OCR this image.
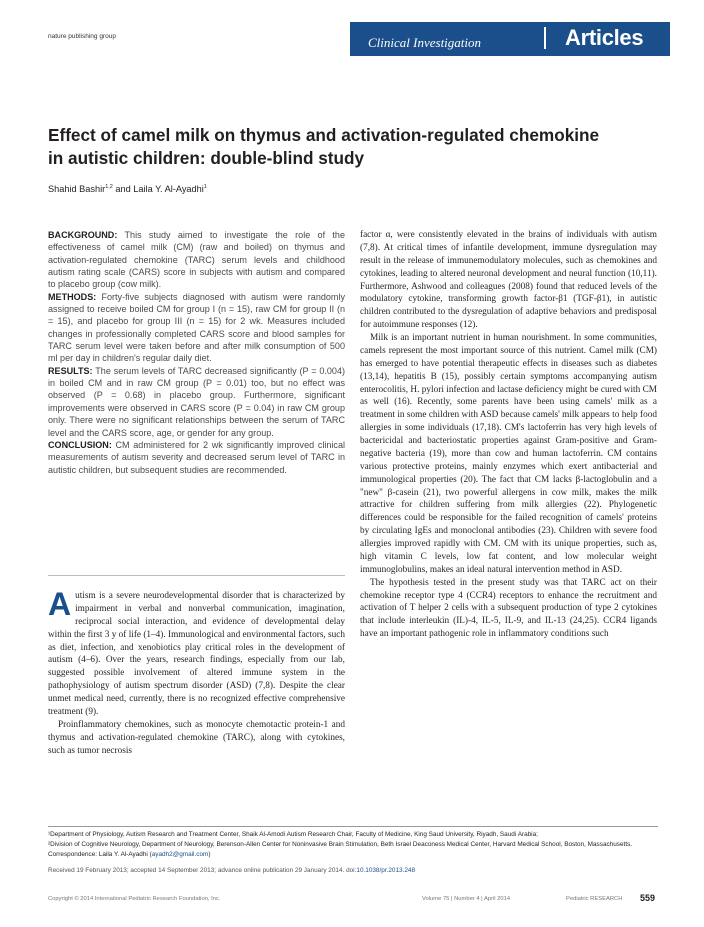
nature publishing group	Clinical Investigation	Articles
Effect of camel milk on thymus and activation-regulated chemokine in autistic children: double-blind study
Shahid Bashir$^{1,2}$ and Laila Y. Al-Ayadhi$^1$

BACKGROUND: This study aimed to investigate the role of the effectiveness of camel milk (CM) (raw and boiled) on thymus and activation-regulated chemokine (TARC) serum levels and childhood autism rating scale (CARS) score in subjects with autism and compared to placebo group (cow milk).

METHODS: Forty-five subjects diagnosed with autism were randomly assigned to receive boiled CM for group I (n = 15), raw CM for group II (n = 15), and placebo for group III (n = 15) for 2 wk. Measures included changes in professionally completed CARS score and blood samples for TARC serum level were taken before and after milk consumption of 500 ml per day in children's regular daily diet.

RESULTS: The serum levels of TARC decreased significantly (P = 0.004) in boiled CM and in raw CM group (P = 0.01) too, but no effect was observed (P = 0.68) in placebo group. Furthermore, significant improvements were observed in CARS score (P = 0.04) in raw CM group only. There were no significant relationships between the serum of TARC level and the CARS score, age, or gender for any group.

CONCLUSION: CM administered for 2 wk significantly improved clinical measurements of autism severity and decreased serum level of TARC in autistic children, but subsequent studies are recommended.

Autism is a severe neurodevelopmental disorder that is characterized by impairment in verbal and nonverbal communication, imagination, reciprocal social interaction, and evidence of developmental delay within the first 3 y of life (1–4). Immunological and environmental factors, such as diet, infection, and xenobiotics play critical roles in the development of autism (4–6). Over the years, research findings, especially from our lab, suggested possible involvement of altered immune system in the pathophysiology of autism spectrum disorder (ASD) (7,8). Despite the clear unmet medical need, currently, there is no recognized effective comprehensive treatment (9).

Proinflammatory chemokines, such as monocyte chemotactic protein-1 and thymus and activation-regulated chemokine (TARC), along with cytokines, such as tumor necrosis

factor α, were consistently elevated in the brains of individuals with autism (7,8). At critical times of infantile development, immune dysregulation may result in the release of immunemodulatory molecules, such as chemokines and cytokines, leading to altered neuronal development and neural function (10,11). Furthermore, Ashwood and colleagues (2008) found that reduced levels of the modulatory cytokine, transforming growth factor-β1 (TGF-β1), in autistic children contributed to the dysregulation of adaptive behaviors and predisposal for autoimmune responses (12).

Milk is an important nutrient in human nourishment. In some communities, camels represent the most important source of this nutrient. Camel milk (CM) has emerged to have potential therapeutic effects in diseases such as diabetes (13,14), hepatitis B (15), possibly certain symptoms accompanying autism enterocolitis, H. pylori infection and lactase deficiency might be cured with CM as well (16). Recently, some parents have been using camels' milk as a treatment in some children with ASD because camels' milk appears to help food allergies in some individuals (17,18). CM's lactoferrin has very high levels of bactericidal and bacteriostatic properties against Gram-positive and Gram-negative bacteria (19), more than cow and human lactoferrin. CM contains various protective proteins, mainly enzymes which exert antibacterial and immunological properties (20). The fact that CM lacks β-lactoglobulin and a "new" β-casein (21), two powerful allergens in cow milk, makes the milk attractive for children suffering from milk allergies (22). Phylogenetic differences could be responsible for the failed recognition of camels' proteins by circulating IgEs and monoclonal antibodies (23). Children with severe food allergies improved rapidly with CM. CM with its unique properties, such as, high vitamin C levels, low fat content, and low molecular weight immunoglobulins, makes an ideal natural intervention method in ASD.

The hypothesis tested in the present study was that TARC act on their chemokine receptor type 4 (CCR4) receptors to enhance the recruitment and activation of T helper 2 cells with a subsequent production of type 2 cytokines that include interleukin (IL)-4, IL-5, IL-9, and IL-13 (24,25). CCR4 ligands have an important pathogenic role in inflammatory conditions such

¹Department of Physiology, Autism Research and Treatment Center, Shaik Al-Amodi Autism Research Chair, Faculty of Medicine, King Saud University, Riyadh, Saudi Arabia;

²Division of Cognitive Neurology, Department of Neurology, Berenson-Allen Center for Noninvasive Brain Stimulation, Beth Israel Deaconess Medical Center, Harvard Medical School, Boston, Massachusetts. Correspondence: Laila Y. Al-Ayadhi (ayadh2@gmail.com)

Received 19 February 2013; accepted 14 September 2013; advance online publication 29 January 2014. doi:10.1038/pr.2013.248
Copyright © 2014 International Pediatric Research Foundation, Inc.	Volume 75 | Number 4 | April 2014	Pediatric RESEARCH 559
